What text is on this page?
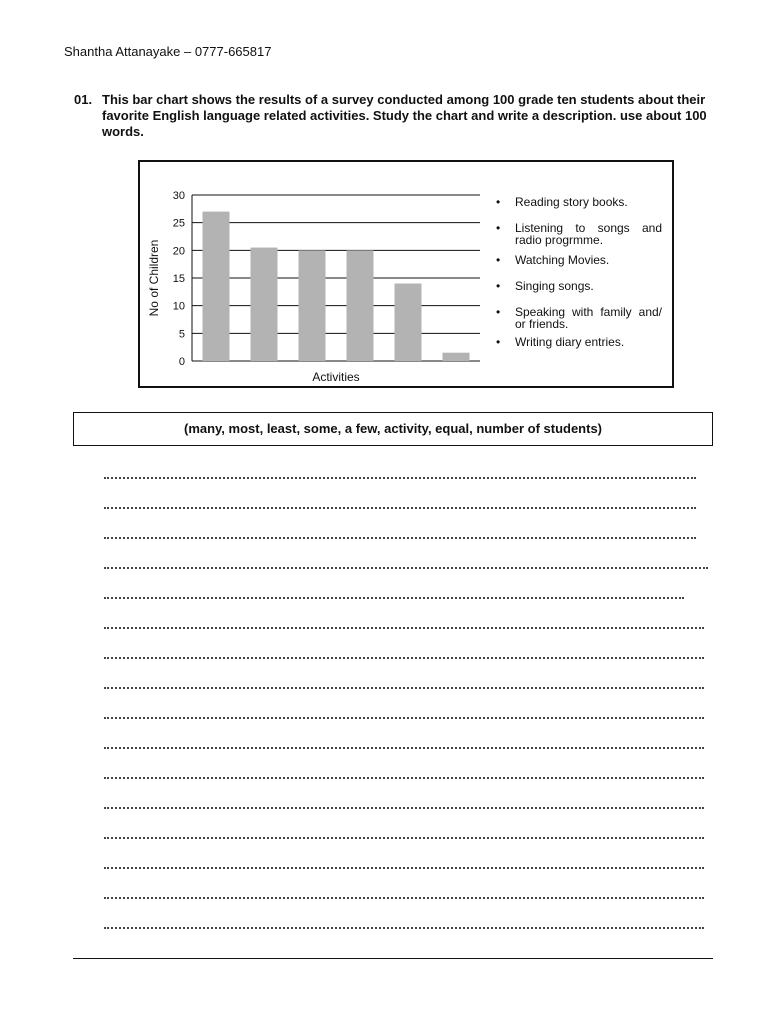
Shantha Attanayake – 0777-665817
01. This bar chart shows the results of a survey conducted among 100 grade ten students about their favorite English language related activities. Study the chart and write a description. use about 100 words.
0
5
10
15
20
25
30
Activities
No of Children
• Reading story books.
• Listening to songs and radio progrmme.
• Watching Movies.
• Singing songs.
• Speaking with family and/ or friends.
• Writing diary entries.
(many, most, least, some, a few, activity, equal, number of students)
